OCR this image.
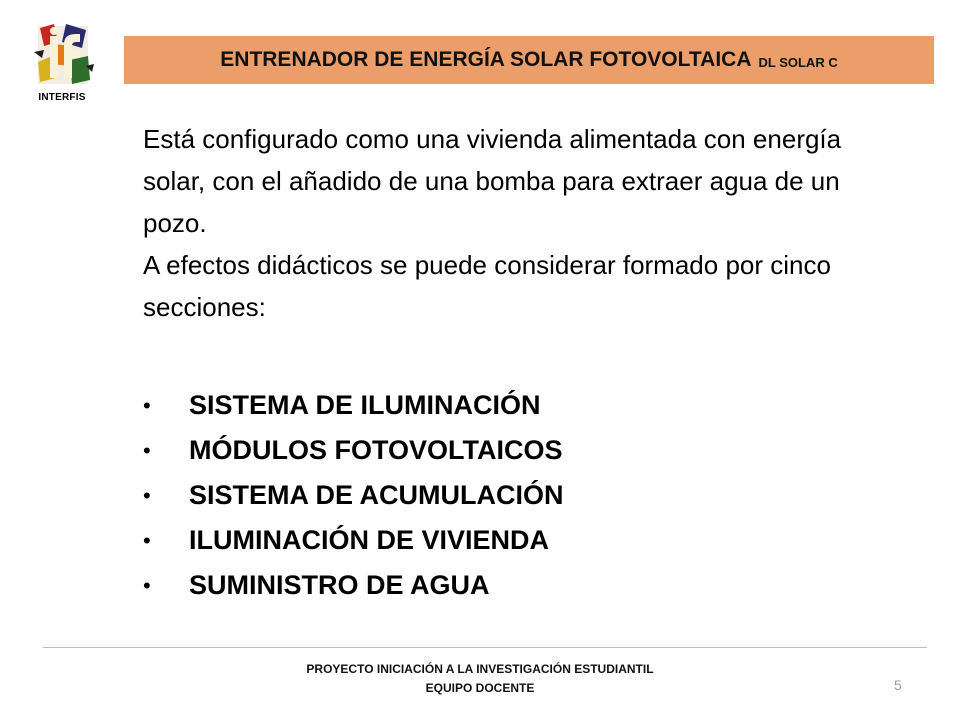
INTERFIS
ENTRENADOR DE ENERGÍA SOLAR FOTOVOLTAICA DL SOLAR C

Está configurado como una vivienda alimentada con energía solar, con el añadido de una bomba para extraer agua de un pozo.

A efectos didácticos se puede considerar formado por cinco secciones:

• SISTEMA DE ILUMINACIÓN
• MÓDULOS FOTOVOLTAICOS
• SISTEMA DE ACUMULACIÓN
• ILUMINACIÓN DE VIVIENDA
• SUMINISTRO DE AGUA
PROYECTO INICIACIÓN A LA INVESTIGACIÓN ESTUDIANTIL
EQUIPO DOCENTE	5
